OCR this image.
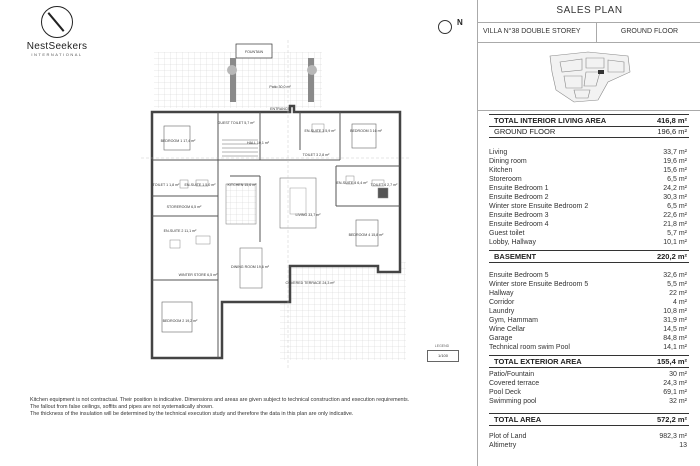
NestSeekers
INTERNATIONAL
N
FOUNTAIN
Patio 30,0 m²
ENTRANCE
GUEST TOILET 5,7 m²
HALL 10,1 m²
BEDROOM 1 17,4 m²
TOILET 1 1,8 m² EN-SUITE 1 5,0 m²
STOREROOM 6,5 m²
KITCHEN 15,6 m²
EN-SUITE 2 11,1 m²
WINTER STORE 6,5 m²
BEDROOM 2 19,2 m²
DINING ROOM 19,6 m²
LIVING 33,7 m²
COVERED TERRACE 24,3 m²
EN-SUITE 3 5,9 m²	BEDROOM 3 16 m²
TOILET 3 2,8 m²
EN-SUITE 4 6,4 m² TOILET 4 2,7 m²
BEDROOM 4 15,8 m²
LEGEND
1/100
Kitchen equipment is not contractual. Their position is indicative. Dimensions and areas are given subject to technical construction and execution requirements.
The fallout from false ceilings, soffits and pipes are not systematically shown.
The thickness of the insulation will be determined by the technical execution study and therefore the data in this plan are only indicative.
SALES PLAN
VILLA N°38 DOUBLE STOREY	GROUND FLOOR
TOTAL INTERIOR LIVING AREA	416,8 m²
GROUND FLOOR	196,6 m²
Living	33,7 m²
Dining room	19,6 m²
Kitchen	15,6 m²
Storeroom	6,5 m²
Ensuite Bedroom 1	24,2 m²
Ensuite Bedroom 2	30,3 m²
Winter store Ensuite Bedroom 2	6,5 m²
Ensuite Bedroom 3	22,6 m²
Ensuite Bedroom 4	21,8 m²
Guest toilet	5,7 m²
Lobby, Hallway	10,1 m²
BASEMENT	220,2 m²
Ensuite Bedroom 5	32,6 m²
Winter store Ensuite Bedroom 5	5,5 m²
Hallway	22 m²
Corridor	4 m²
Laundry	10,8 m²
Gym, Hammam	31,9 m²
Wine Cellar	14,5 m²
Garage	84,8 m²
Technical room swim Pool	14,1 m²
TOTAL EXTERIOR AREA	155,4 m²
Patio/Fountain	30 m²
Covered terrace	24,3 m²
Pool Deck	69,1 m²
Swimming pool	32 m²
TOTAL AREA	572,2 m²
Plot of Land	982,3 m²
Altimetry	13
